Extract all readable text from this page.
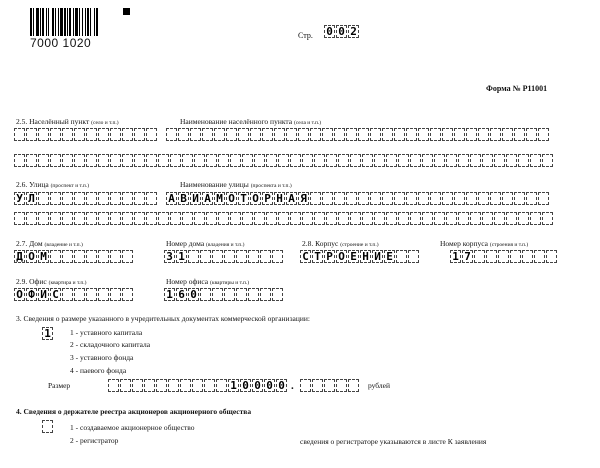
7000 1020
Стр. 0 0 2
Форма № Р11001
2.5. Населённый пункт (село и т.п.)	Наименование населённого пункта (села и т.п.)
2.6. Улица (проспект и т.п.)	Наименование улицы (проспекта и т.п.)
У Л	А В И А М О Т О Р Н А Я
2.7. Дом (владение и т.п.)	Номер дома (владения и т.п.)	2.8. Корпус (строение и т.п.)	Номер корпуса (строения и т.п.)
Д О М	3 1	С Т Р О Е Н И Е	1 7
2.9. Офис (квартира и т.п.)	Номер офиса (квартиры и т.п.)
О Ф И С	1 6 0
3. Сведения о размере указанного в учредительных документах коммерческой организации:
1	1 - уставного капитала
2 - складочного капитала
3 - уставного фонда
4 - паевого фонда
Размер	1 0 0 0 0 .	рублей
4. Сведения о держателе реестра акционеров акционерного общества
1 - создаваемое акционерное общество
2 - регистратор	сведения о регистраторе указываются в листе К заявления
